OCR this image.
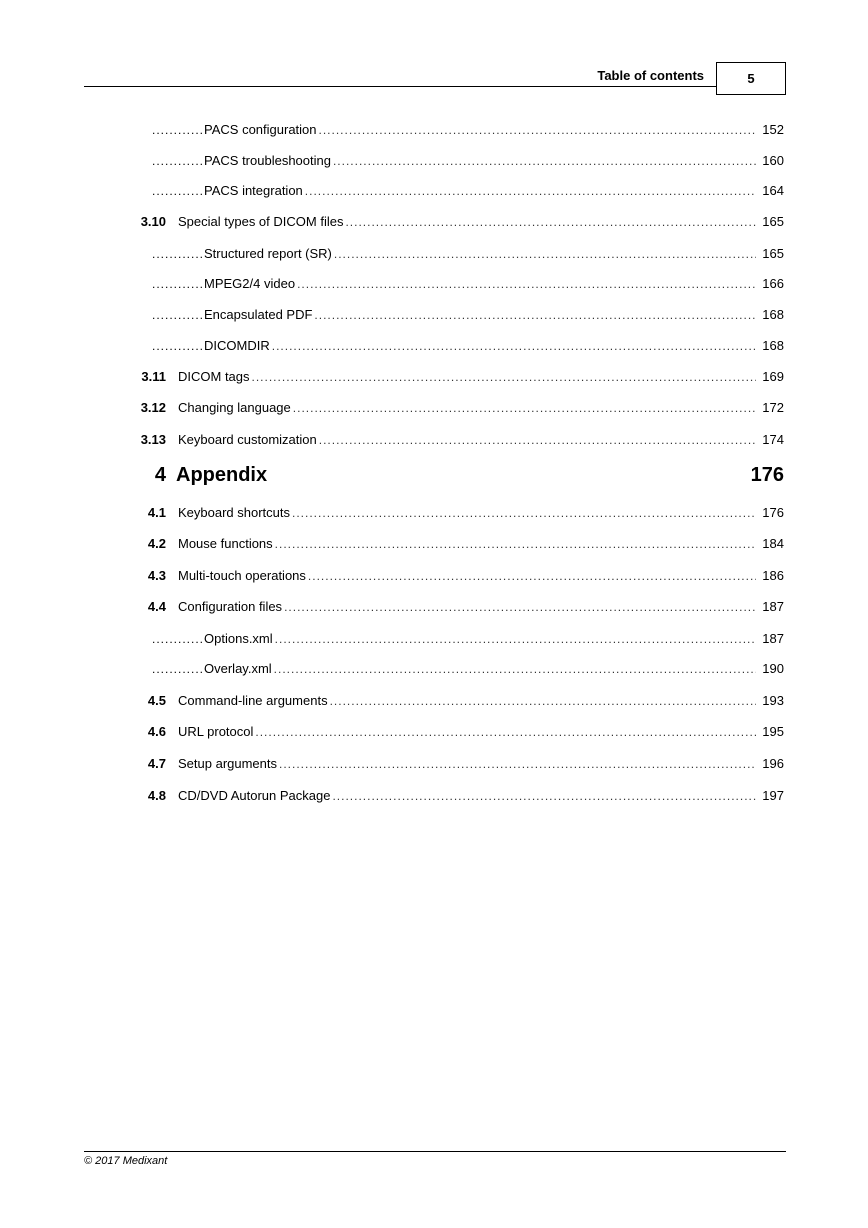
Table of contents	5
............ PACS configuration .....	152
............ PACS troubleshooting .....	160
............ PACS integration .....	164
3.10 Special types of DICOM files .....	165
............ Structured report (SR) .....	165
............ MPEG2/4 video .....	166
............ Encapsulated PDF .....	168
............ DICOMDIR .....	168
3.11 DICOM tags .....	169
3.12 Changing language .....	172
3.13 Keyboard customization .....	174
4 Appendix	176
4.1 Keyboard shortcuts .....	176
4.2 Mouse functions .....	184
4.3 Multi-touch operations .....	186
4.4 Configuration files .....	187
............ Options.xml .....	187
............ Overlay.xml .....	190
4.5 Command-line arguments .....	193
4.6 URL protocol .....	195
4.7 Setup arguments .....	196
4.8 CD/DVD Autorun Package .....	197
© 2017 Medixant
